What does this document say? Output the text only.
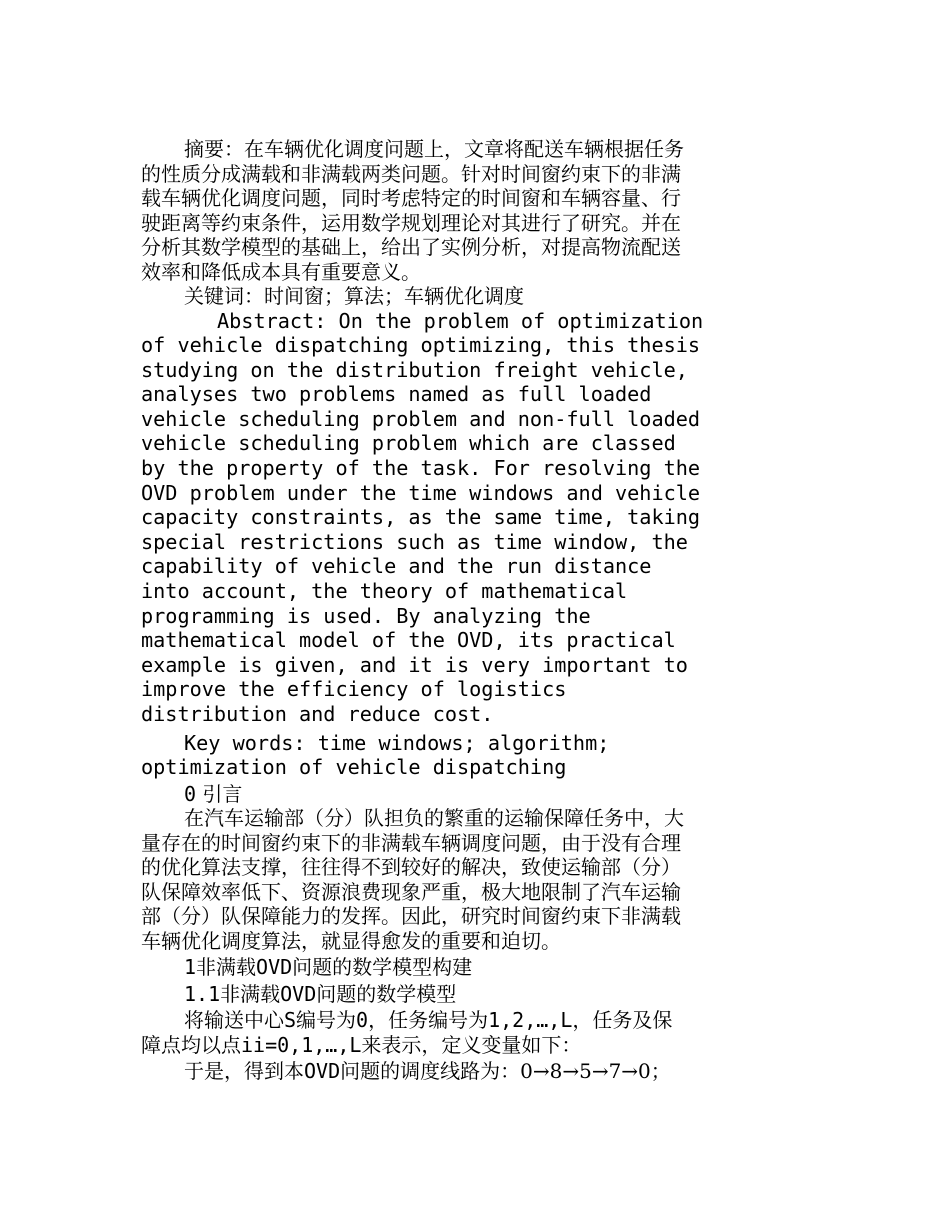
摘要：在车辆优化调度问题上，文章将配送车辆根据任务
的性质分成满载和非满载两类问题。针对时间窗约束下的非满
载车辆优化调度问题，同时考虑特定的时间窗和车辆容量、行
驶距离等约束条件，运用数学规划理论对其进行了研究。并在
分析其数学模型的基础上，给出了实例分析，对提高物流配送
效率和降低成本具有重要意义。
关键词：时间窗；算法；车辆优化调度
Abstract: On the problem of optimization
of vehicle dispatching optimizing, this thesis
studying on the distribution freight vehicle,
analyses two problems named as full loaded
vehicle scheduling problem and non-full loaded
vehicle scheduling problem which are classed
by the property of the task. For resolving the
OVD problem under the time windows and vehicle
capacity constraints, as the same time, taking
special restrictions such as time window, the
capability of vehicle and the run distance
into account, the theory of mathematical
programming is used. By analyzing the
mathematical model of the OVD, its practical
example is given, and it is very important to
improve the efficiency of logistics
distribution and reduce cost.
Key words: time windows; algorithm;
optimization of vehicle dispatching
0 引言
在汽车运输部（分）队担负的繁重的运输保障任务中，大
量存在的时间窗约束下的非满载车辆调度问题，由于没有合理
的优化算法支撑，往往得不到较好的解决，致使运输部（分）
队保障效率低下、资源浪费现象严重，极大地限制了汽车运输
部（分）队保障能力的发挥。因此，研究时间窗约束下非满载
车辆优化调度算法，就显得愈发的重要和迫切。
1非满载OVD问题的数学模型构建
1.1非满载OVD问题的数学模型
将输送中心S编号为0，任务编号为1,2,…,L，任务及保
障点均以点ii=0,1,…,L来表示，定义变量如下：
于是，得到本OVD问题的调度线路为：0→8→5→7→0；
